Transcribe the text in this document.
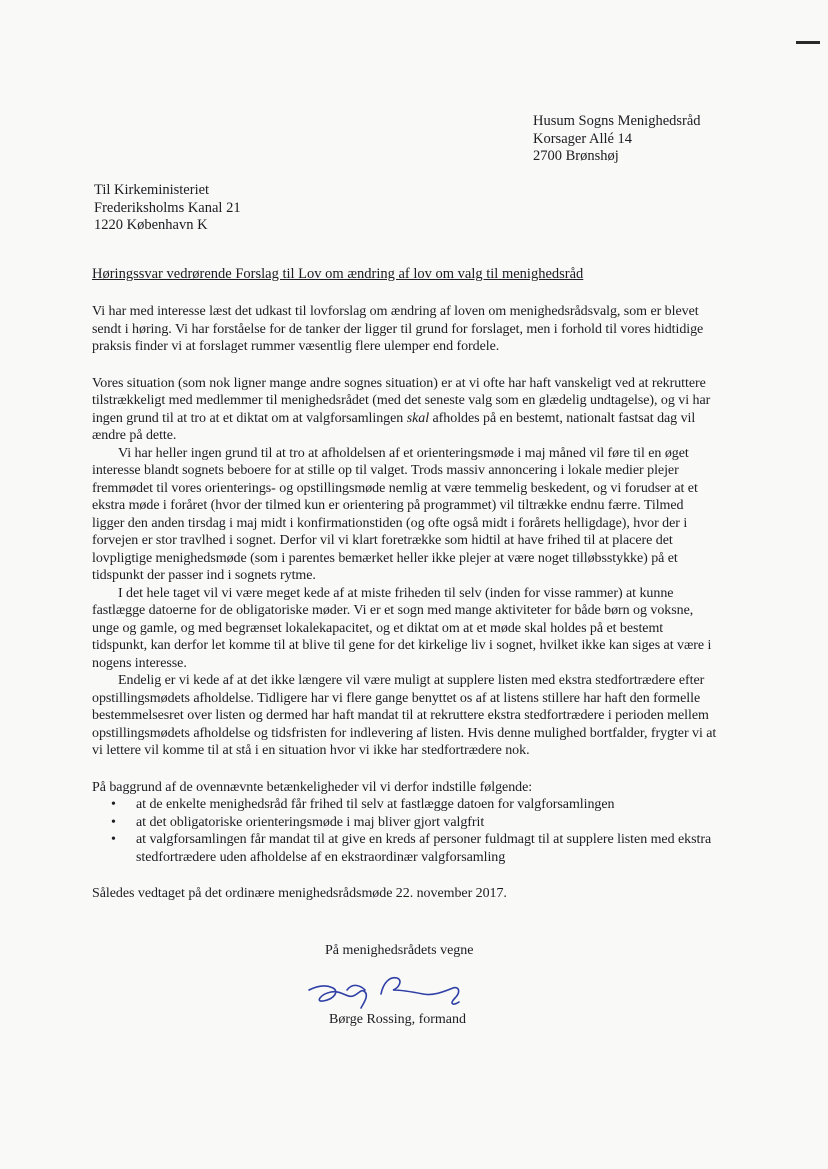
Husum Sogns Menighedsråd
Korsager Allé 14
2700 Brønshøj
Til Kirkeministeriet
Frederiksholms Kanal 21
1220 København K
Høringssvar vedrørende Forslag til Lov om ændring af lov om valg til menighedsråd

Vi har med interesse læst det udkast til lovforslag om ændring af loven om menighedsrådsvalg, som er blevet sendt i høring. Vi har forståelse for de tanker der ligger til grund for forslaget, men i forhold til vores hidtidige praksis finder vi at forslaget rummer væsentlig flere ulemper end fordele.

Vores situation (som nok ligner mange andre sognes situation) er at vi ofte har haft vanskeligt ved at rekruttere tilstrækkeligt med medlemmer til menighedsrådet (med det seneste valg som en glædelig undtagelse), og vi har ingen grund til at tro at et diktat om at valgforsamlingen skal afholdes på en bestemt, nationalt fastsat dag vil ændre på dette.

Vi har heller ingen grund til at tro at afholdelsen af et orienteringsmøde i maj måned vil føre til en øget interesse blandt sognets beboere for at stille op til valget. Trods massiv annoncering i lokale medier plejer fremmødet til vores orienterings- og opstillingsmøde nemlig at være temmelig beskedent, og vi forudser at et ekstra møde i foråret (hvor der tilmed kun er orientering på programmet) vil tiltrække endnu færre. Tilmed ligger den anden tirsdag i maj midt i konfirmationstiden (og ofte også midt i forårets helligdage), hvor der i forvejen er stor travlhed i sognet. Derfor vil vi klart foretrække som hidtil at have frihed til at placere det lovpligtige menighedsmøde (som i parentes bemærket heller ikke plejer at være noget tilløbsstykke) på et tidspunkt der passer ind i sognets rytme.

I det hele taget vil vi være meget kede af at miste friheden til selv (inden for visse rammer) at kunne fastlægge datoerne for de obligatoriske møder. Vi er et sogn med mange aktiviteter for både børn og voksne, unge og gamle, og med begrænset lokalekapacitet, og et diktat om at et møde skal holdes på et bestemt tidspunkt, kan derfor let komme til at blive til gene for det kirkelige liv i sognet, hvilket ikke kan siges at være i nogens interesse.

Endelig er vi kede af at det ikke længere vil være muligt at supplere listen med ekstra stedfortrædere efter opstillingsmødets afholdelse. Tidligere har vi flere gange benyttet os af at listens stillere har haft den formelle bestemmelsesret over listen og dermed har haft mandat til at rekruttere ekstra stedfortrædere i perioden mellem opstillingsmødets afholdelse og tidsfristen for indlevering af listen. Hvis denne mulighed bortfalder, frygter vi at vi lettere vil komme til at stå i en situation hvor vi ikke har stedfortrædere nok.

På baggrund af de ovennævnte betænkeligheder vil vi derfor indstille følgende:

• at de enkelte menighedsråd får frihed til selv at fastlægge datoen for valgforsamlingen
• at det obligatoriske orienteringsmøde i maj bliver gjort valgfrit
• at valgforsamlingen får mandat til at give en kreds af personer fuldmagt til at supplere listen med ekstra stedfortrædere uden afholdelse af en ekstraordinær valgforsamling

Således vedtaget på det ordinære menighedsrådsmøde 22. november 2017.

På menighedsrådets vegne
Børge Rossing, formand
